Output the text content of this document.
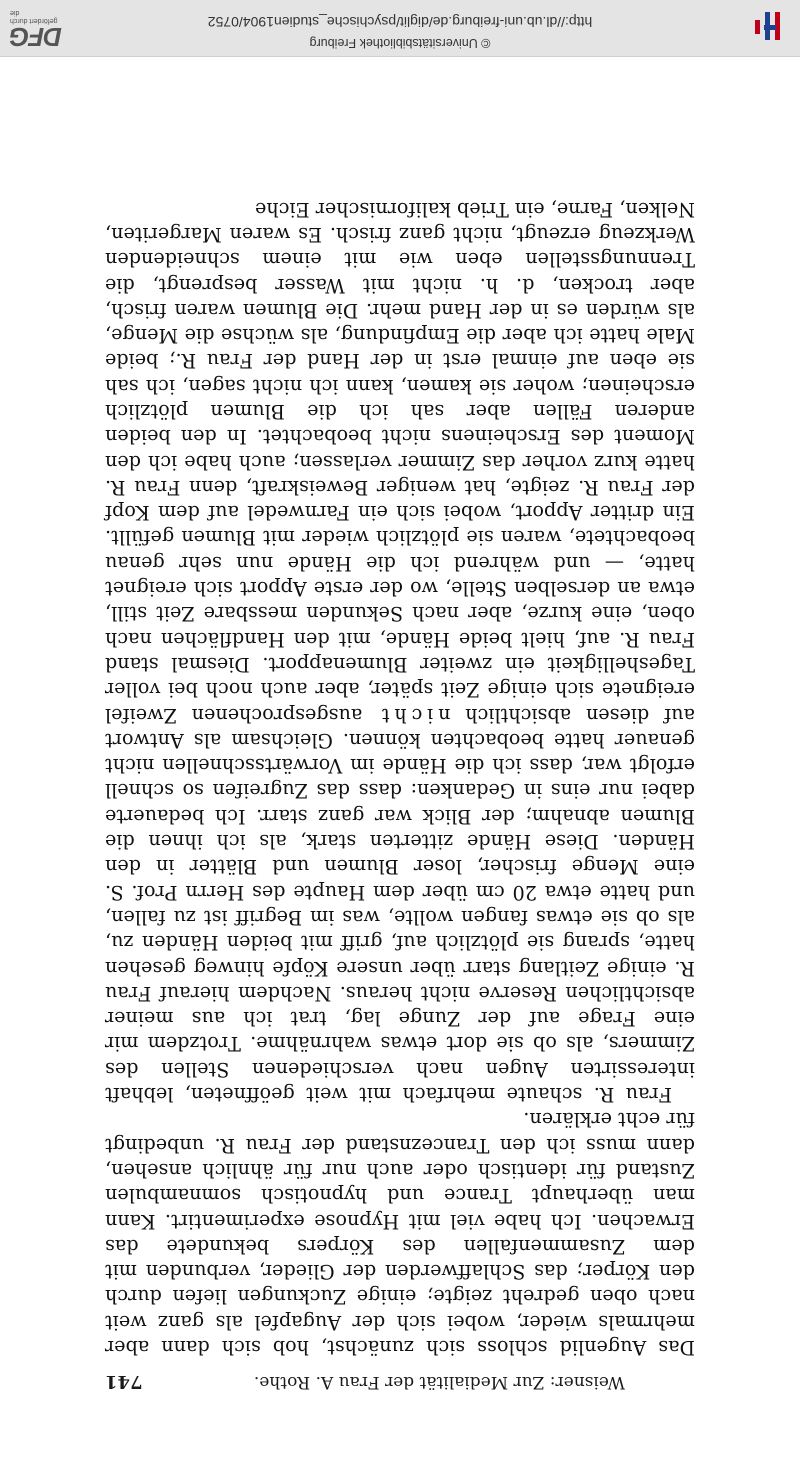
Weisner: Zur Medialität der Frau A. Rothe.
741

Das Augenlid schloss sich zunächst, hob sich dann aber mehrmals wieder, wobei sich der Augapfel als ganz weit nach oben gedreht zeigte; einige Zuckungen liefen durch den Körper; das Schlaffwerden der Glieder, verbunden mit dem Zusammenfallen des Körpers bekundete das Erwachen. Ich habe viel mit Hypnose experimentirt. Kann man überhaupt Trance und hypnotisch somnambulen Zustand für identisch oder auch nur für ähnlich ansehen, dann muss ich den Tranceznstand der Frau R. unbedingt für echt erklären.

Frau R. schaute mehrfach mit weit geöffneten, lebhaft interessirten Augen nach verschiedenen Stellen des Zimmers, als ob sie dort etwas wahrnähme. Trotzdem mir eine Frage auf der Zunge lag, trat ich aus meiner absichtlichen Reserve nicht heraus. Nachdem hierauf Frau R. einige Zeitlang starr über unsere Köpfe hinweg gesehen hatte, sprang sie plötzlich auf, griff mit beiden Händen zu, als ob sie etwas fangen wollte, was im Begriff ist zu fallen, und hatte etwa 20 cm über dem Haupte des Herrn Prof. S. eine Menge frischer, loser Blumen und Blätter in den Händen. Diese Hände zitterten stark, als ich ihnen die Blumen abnahm; der Blick war ganz starr. Ich bedauerte dabei nur eins in Gedanken: dass das Zugreifen so schnell erfolgt war, dass ich die Hände im Vorwärtsschnellen nicht genauer hatte beobachten können. Gleichsam als Antwort auf diesen absichtlich nicht ausgesprochenen Zweifel ereignete sich einige Zeit später, aber auch noch bei voller Tageshelligkeit ein zweiter Blumenapport. Diesmal stand Frau R. auf, hielt beide Hände, mit den Handflächen nach oben, eine kurze, aber nach Sekunden messbare Zeit still, etwa an derselben Stelle, wo der erste Apport sich ereignet hatte, — und während ich die Hände nun sehr genau beobachtete, waren sie plötzlich wieder mit Blumen gefüllt. Ein dritter Apport, wobei sich ein Farnwedel auf dem Kopf der Frau R. zeigte, hat weniger Beweiskraft, denn Frau R. hatte kurz vorher das Zimmer verlassen; auch habe ich den Moment des Erscheinens nicht beobachtet. In den beiden anderen Fällen aber sah ich die Blumen plötzlich erscheinen; woher sie kamen, kann ich nicht sagen, ich sah sie eben auf einmal erst in der Hand der Frau R.; beide Male hatte ich aber die Empfindung, als wüchse die Menge, als würden es in der Hand mehr. Die Blumen waren frisch, aber trocken, d. h. nicht mit Wasser besprengt, die Trennungsstellen eben wie mit einem schneidenden Werkzeug erzeugt, nicht ganz frisch. Es waren Margeriten, Nelken, Farne, ein Trieb kalifornischer Eiche

© Universitätsbibliothek Freiburg
http://dl.ub.uni-freiburg.de/diglit/psychische_studien1904/0752
DFG
gefördert durch die
